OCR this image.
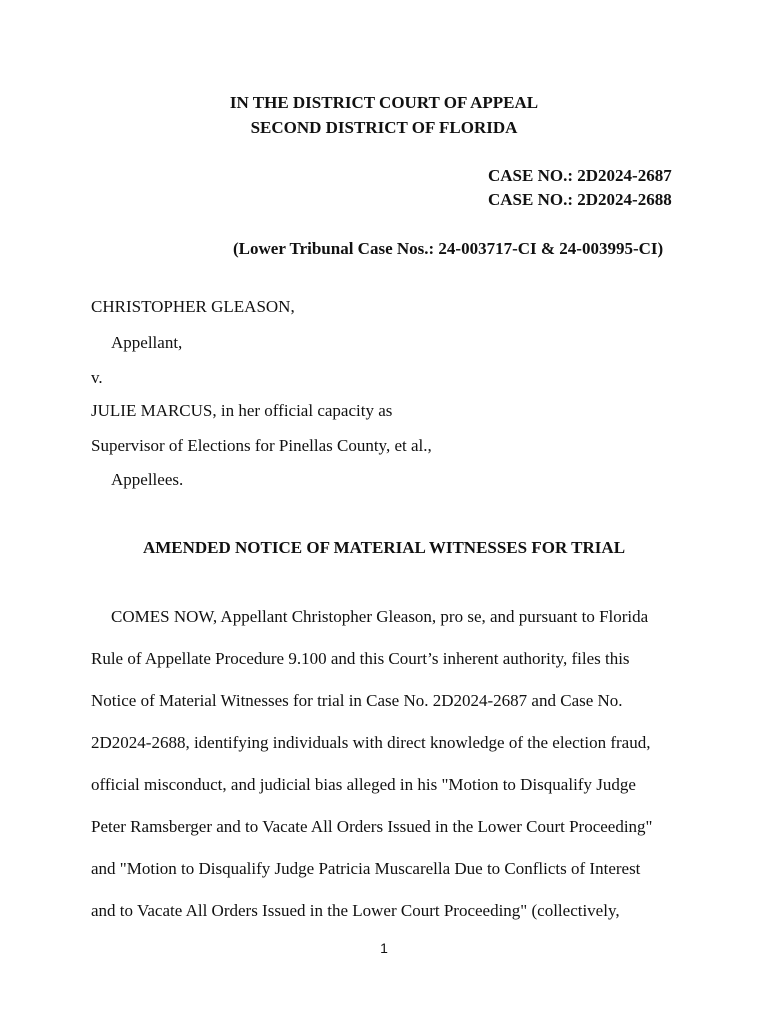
IN THE DISTRICT COURT OF APPEAL
SECOND DISTRICT OF FLORIDA
CASE NO.: 2D2024-2687
CASE NO.: 2D2024-2688
(Lower Tribunal Case Nos.: 24-003717-CI & 24-003995-CI)
CHRISTOPHER GLEASON,
Appellant,
v.
JULIE MARCUS, in her official capacity as
Supervisor of Elections for Pinellas County, et al.,
Appellees.
AMENDED NOTICE OF MATERIAL WITNESSES FOR TRIAL
COMES NOW, Appellant Christopher Gleason, pro se, and pursuant to Florida
Rule of Appellate Procedure 9.100 and this Court’s inherent authority, files this
Notice of Material Witnesses for trial in Case No. 2D2024-2687 and Case No.
2D2024-2688, identifying individuals with direct knowledge of the election fraud,
official misconduct, and judicial bias alleged in his "Motion to Disqualify Judge
Peter Ramsberger and to Vacate All Orders Issued in the Lower Court Proceeding"
and "Motion to Disqualify Judge Patricia Muscarella Due to Conflicts of Interest
and to Vacate All Orders Issued in the Lower Court Proceeding" (collectively,
1
